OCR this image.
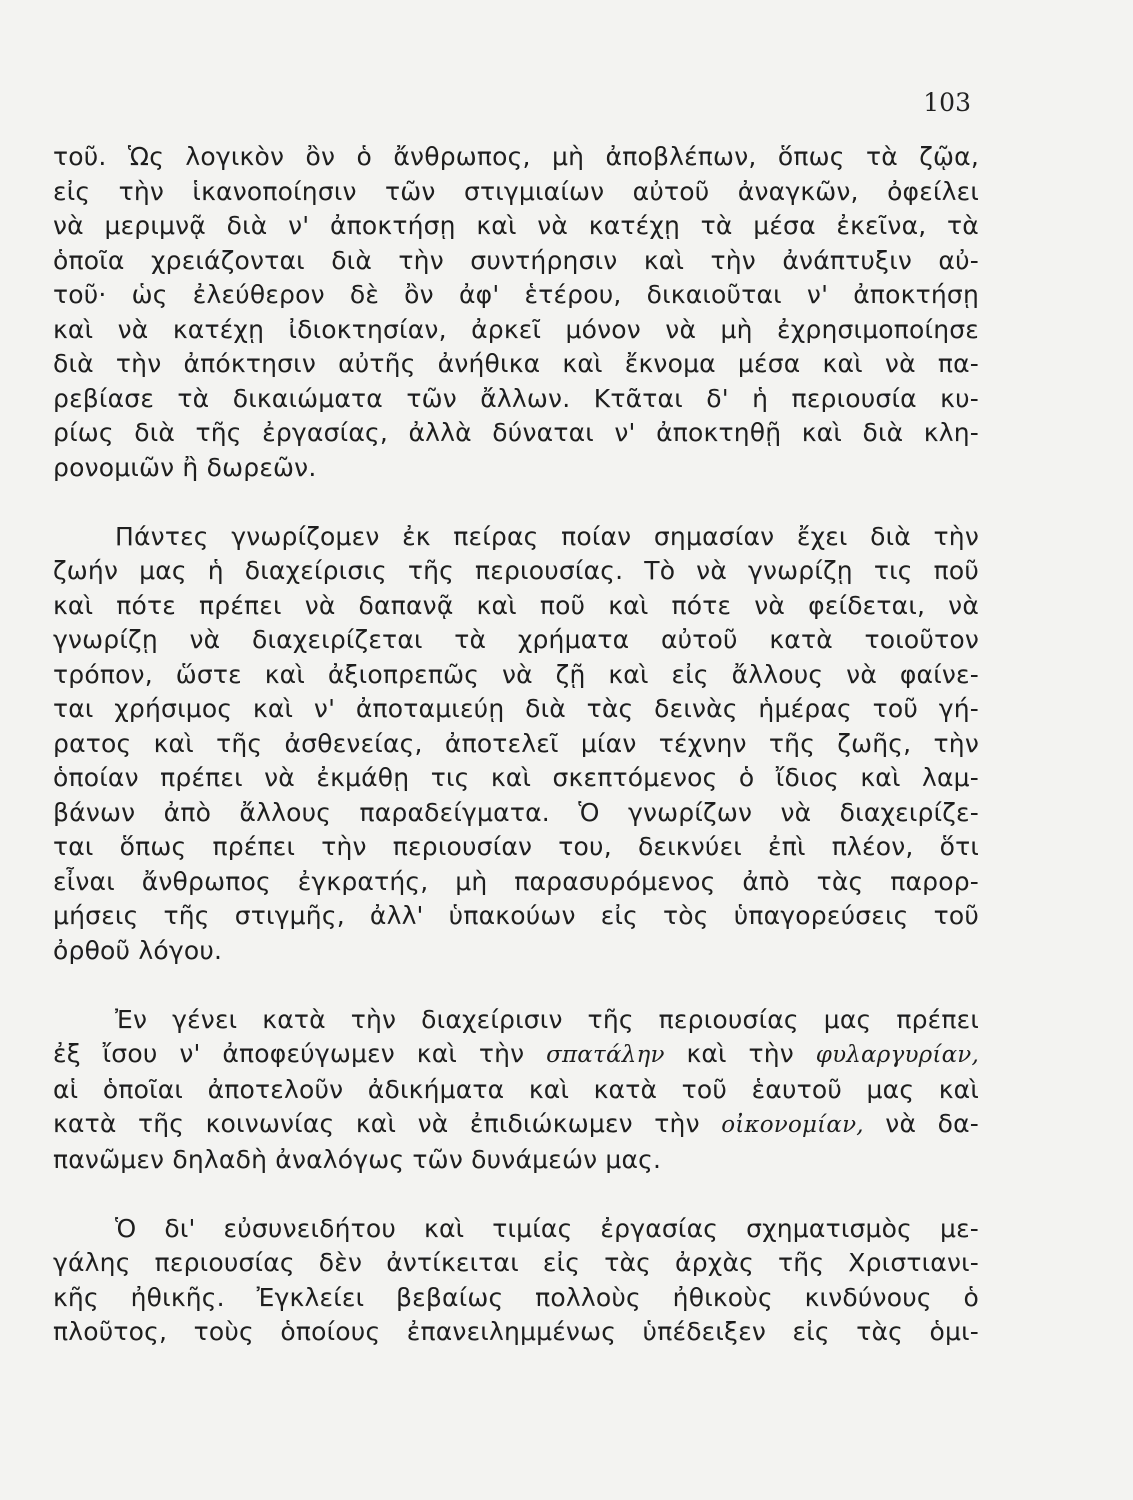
103
τοῦ. Ὡς λογικὸν ὂν ὁ ἄνθρωπος, μὴ ἀποβλέπων, ὅπως τὰ ζῷα,
εἰς τὴν ἱκανοποίησιν τῶν στιγμιαίων αὐτοῦ ἀναγκῶν, ὀφείλει
νὰ μεριμνᾷ διὰ ν' ἀποκτήσῃ καὶ νὰ κατέχῃ τὰ μέσα ἐκεῖνα, τὰ
ὁποῖα χρειάζονται διὰ τὴν συντήρησιν καὶ τὴν ἀνάπτυξιν αὐ-
τοῦ· ὡς ἐλεύθερον δὲ ὂν ἀφ' ἑτέρου, δικαιοῦται ν' ἀποκτήσῃ
καὶ νὰ κατέχῃ ἰδιοκτησίαν, ἀρκεῖ μόνον νὰ μὴ ἐχρησιμοποίησε
διὰ τὴν ἀπόκτησιν αὐτῆς ἀνήθικα καὶ ἔκνομα μέσα καὶ νὰ πα-
ρεβίασε τὰ δικαιώματα τῶν ἄλλων. Κτᾶται δ' ἡ περιουσία κυ-
ρίως διὰ τῆς ἐργασίας, ἀλλὰ δύναται ν' ἀποκτηθῇ καὶ διὰ κλη-
ρονομιῶν ἢ δωρεῶν.
Πάντες γνωρίζομεν ἐκ πείρας ποίαν σημασίαν ἔχει διὰ τὴν
ζωήν μας ἡ διαχείρισις τῆς περιουσίας. Τὸ νὰ γνωρίζῃ τις ποῦ
καὶ πότε πρέπει νὰ δαπανᾷ καὶ ποῦ καὶ πότε νὰ φείδεται, νὰ
γνωρίζῃ νὰ διαχειρίζεται τὰ χρήματα αὐτοῦ κατὰ τοιοῦτον
τρόπον, ὥστε καὶ ἀξιοπρεπῶς νὰ ζῇ καὶ εἰς ἄλλους νὰ φαίνε-
ται χρήσιμος καὶ ν' ἀποταμιεύῃ διὰ τὰς δεινὰς ἡμέρας τοῦ γή-
ρατος καὶ τῆς ἀσθενείας, ἀποτελεῖ μίαν τέχνην τῆς ζωῆς, τὴν
ὁποίαν πρέπει νὰ ἐκμάθῃ τις καὶ σκεπτόμενος ὁ ἴδιος καὶ λαμ-
βάνων ἀπὸ ἄλλους παραδείγματα. Ὁ γνωρίζων νὰ διαχειρίζε-
ται ὅπως πρέπει τὴν περιουσίαν του, δεικνύει ἐπὶ πλέον, ὅτι
εἶναι ἄνθρωπος ἐγκρατής, μὴ παρασυρόμενος ἀπὸ τὰς παρορ-
μήσεις τῆς στιγμῆς, ἀλλ' ὑπακούων εἰς τὸς ὑπαγορεύσεις τοῦ
ὀρθοῦ λόγου.
Ἐν γένει κατὰ τὴν διαχείρισιν τῆς περιουσίας μας πρέπει
ἐξ ἴσου ν' ἀποφεύγωμεν καὶ τὴν σπατάλην καὶ τὴν φυλαργυρίαν,
αἱ ὁποῖαι ἀποτελοῦν ἀδικήματα καὶ κατὰ τοῦ ἑαυτοῦ μας καὶ
κατὰ τῆς κοινωνίας καὶ νὰ ἐπιδιώκωμεν τὴν οἰκονομίαν, νὰ δα-
πανῶμεν δηλαδὴ ἀναλόγως τῶν δυνάμεών μας.
Ὁ δι' εὐσυνειδήτου καὶ τιμίας ἐργασίας σχηματισμὸς με-
γάλης περιουσίας δὲν ἀντίκειται εἰς τὰς ἀρχὰς τῆς Χριστιανι-
κῆς ἠθικῆς. Ἐγκλείει βεβαίως πολλοὺς ἠθικοὺς κινδύνους ὁ
πλοῦτος, τοὺς ὁποίους ἐπανειλημμένως ὑπέδειξεν εἰς τὰς ὁμι-
